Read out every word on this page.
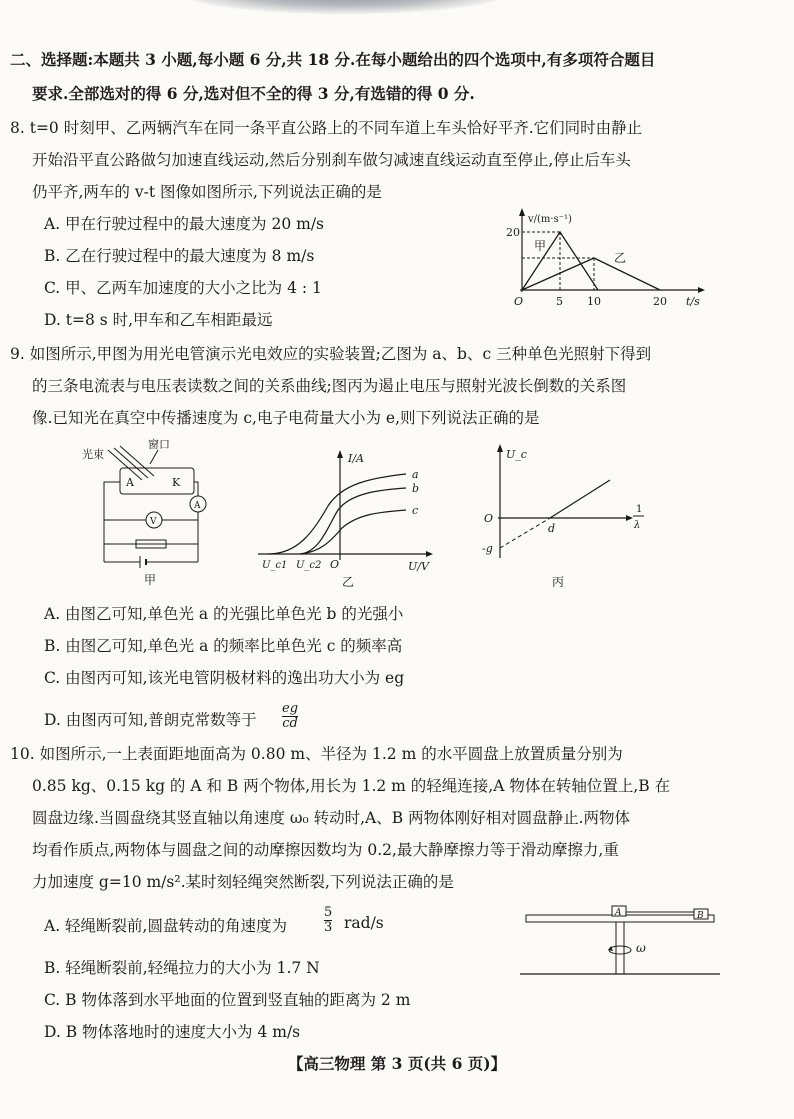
二、选择题:本题共 3 小题,每小题 6 分,共 18 分.在每小题给出的四个选项中,有多项符合题目
要求.全部选对的得 6 分,选对但不全的得 3 分,有选错的得 0 分.
8. t=0 时刻甲、乙两辆汽车在同一条平直公路上的不同车道上车头恰好平齐.它们同时由静止
开始沿平直公路做匀加速直线运动,然后分别刹车做匀减速直线运动直至停止,停止后车头
仍平齐,两车的 v-t 图像如图所示,下列说法正确的是
A. 甲在行驶过程中的最大速度为 20 m/s
B. 乙在行驶过程中的最大速度为 8 m/s
C. 甲、乙两车加速度的大小之比为 4 : 1
D. t=8 s 时,甲车和乙车相距最远
v/(m·s⁻¹)
t/s
20
O	5 10	20
甲
乙
9. 如图所示,甲图为用光电管演示光电效应的实验装置;乙图为 a、b、c 三种单色光照射下得到
的三条电流表与电压表读数之间的关系曲线;图丙为遏止电压与照射光波长倒数的关系图
像.已知光在真空中传播速度为 c,电子电荷量大小为 e,则下列说法正确的是
光束
窗口
A	K
A
V
甲
I/A
U/V
O
U_c1 U_c2
a
b
c
乙
U_c
O
-g
d
1
λ
丙
A. 由图乙可知,单色光 a 的光强比单色光 b 的光强小
B. 由图乙可知,单色光 a 的频率比单色光 c 的频率高
C. 由图丙可知,该光电管阴极材料的逸出功大小为 eg
D. 由图丙可知,普朗克常数等于 $\frac{eg}{cd}$
10. 如图所示,一上表面距地面高为 0.80 m、半径为 1.2 m 的水平圆盘上放置质量分别为
0.85 kg、0.15 kg 的 A 和 B 两个物体,用长为 1.2 m 的轻绳连接,A 物体在转轴位置上,B 在
圆盘边缘.当圆盘绕其竖直轴以角速度 ω₀ 转动时,A、B 两物体刚好相对圆盘静止.两物体
均看作质点,两物体与圆盘之间的动摩擦因数均为 0.2,最大静摩擦力等于滑动摩擦力,重
力加速度 g=10 m/s².某时刻轻绳突然断裂,下列说法正确的是
A. 轻绳断裂前,圆盘转动的角速度为	$\frac{5}{3} rad/s$
B. 轻绳断裂前,轻绳拉力的大小为 1.7 N
C. B 物体落到水平地面的位置到竖直轴的距离为 2 m
D. B 物体落地时的速度大小为 4 m/s
A	B
ω
【高三物理 第 3 页(共 6 页)】
